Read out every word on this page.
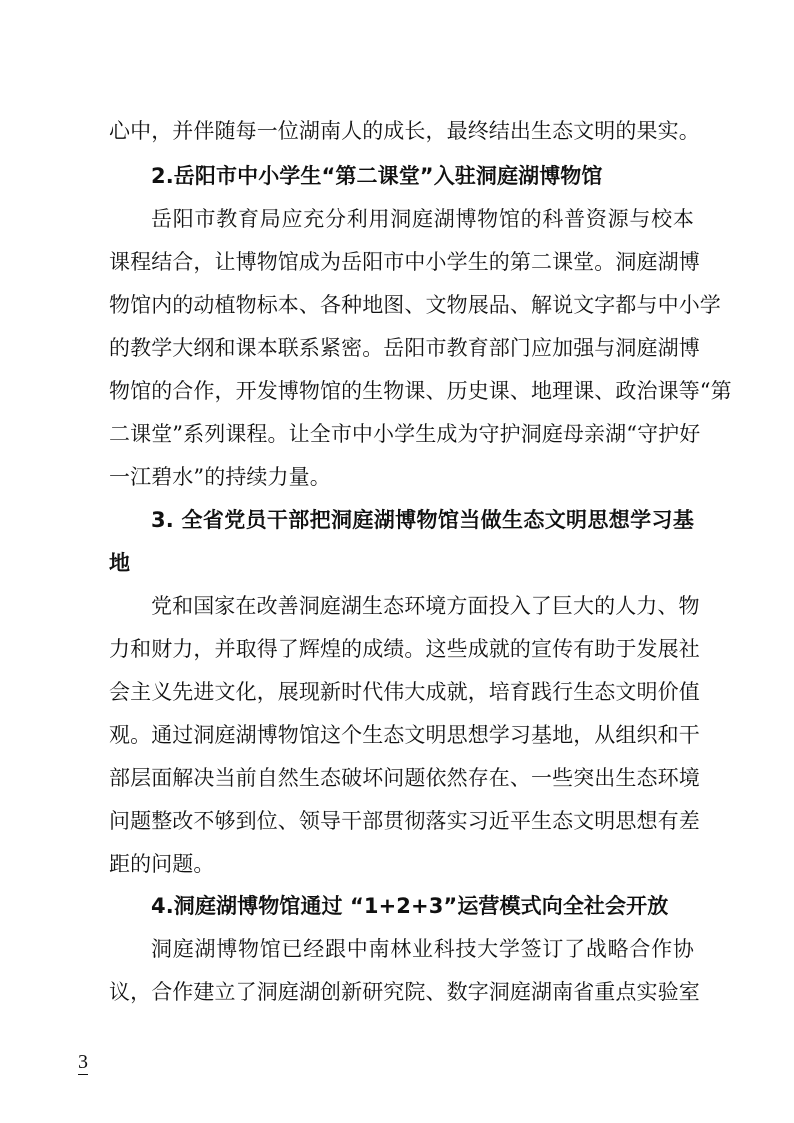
心中，并伴随每一位湖南人的成长，最终结出生态文明的果实。
2.岳阳市中小学生“第二课堂”入驻洞庭湖博物馆
岳阳市教育局应充分利用洞庭湖博物馆的科普资源与校本
课程结合，让博物馆成为岳阳市中小学生的第二课堂。洞庭湖博
物馆内的动植物标本、各种地图、文物展品、解说文字都与中小学
的教学大纲和课本联系紧密。岳阳市教育部门应加强与洞庭湖博
物馆的合作，开发博物馆的生物课、历史课、地理课、政治课等“第
二课堂”系列课程。让全市中小学生成为守护洞庭母亲湖“守护好
一江碧水”的持续力量。
3. 全省党员干部把洞庭湖博物馆当做生态文明思想学习基
地
党和国家在改善洞庭湖生态环境方面投入了巨大的人力、物
力和财力，并取得了辉煌的成绩。这些成就的宣传有助于发展社
会主义先进文化，展现新时代伟大成就，培育践行生态文明价值
观。通过洞庭湖博物馆这个生态文明思想学习基地，从组织和干
部层面解决当前自然生态破坏问题依然存在、一些突出生态环境
问题整改不够到位、领导干部贯彻落实习近平生态文明思想有差
距的问题。
4.洞庭湖博物馆通过 “1+2+3”运营模式向全社会开放
洞庭湖博物馆已经跟中南林业科技大学签订了战略合作协
议，合作建立了洞庭湖创新研究院、数字洞庭湖南省重点实验室
3
